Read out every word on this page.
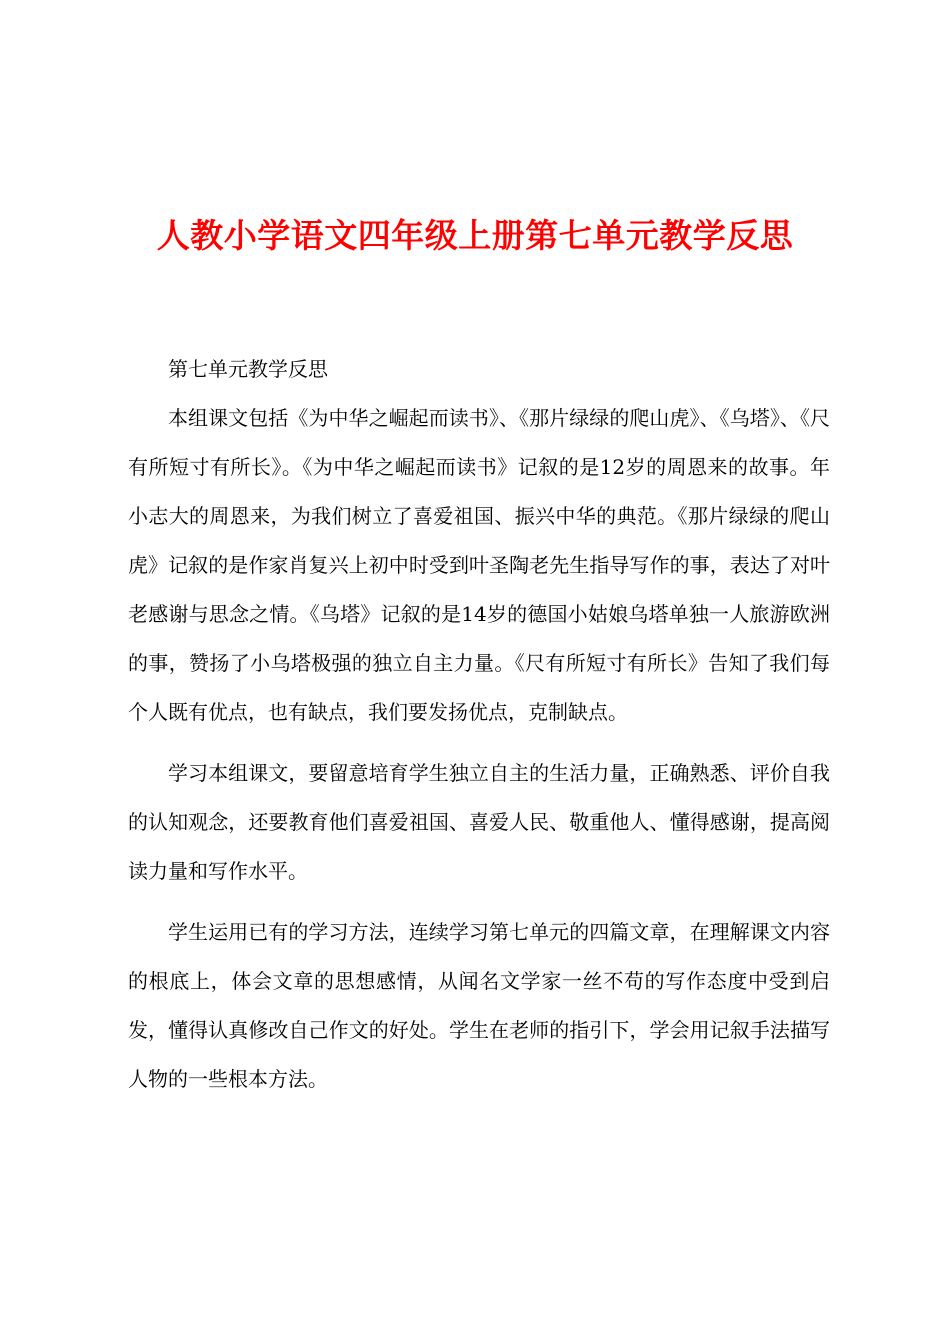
人教小学语文四年级上册第七单元教学反思

第七单元教学反思

本组课文包括《为中华之崛起而读书》、《那片绿绿的爬山虎》、《乌塔》、《尺有所短寸有所长》。《为中华之崛起而读书》记叙的是12岁的周恩来的故事。年小志大的周恩来，为我们树立了喜爱祖国、振兴中华的典范。《那片绿绿的爬山虎》记叙的是作家肖复兴上初中时受到叶圣陶老先生指导写作的事，表达了对叶老感谢与思念之情。《乌塔》记叙的是14岁的德国小姑娘乌塔单独一人旅游欧洲的事，赞扬了小乌塔极强的独立自主力量。《尺有所短寸有所长》告知了我们每个人既有优点，也有缺点，我们要发扬优点，克制缺点。

学习本组课文，要留意培育学生独立自主的生活力量，正确熟悉、评价自我的认知观念，还要教育他们喜爱祖国、喜爱人民、敬重他人、懂得感谢，提高阅读力量和写作水平。

学生运用已有的学习方法，连续学习第七单元的四篇文章，在理解课文内容的根底上，体会文章的思想感情，从闻名文学家一丝不苟的写作态度中受到启发，懂得认真修改自己作文的好处。学生在老师的指引下，学会用记叙手法描写人物的一些根本方法。
